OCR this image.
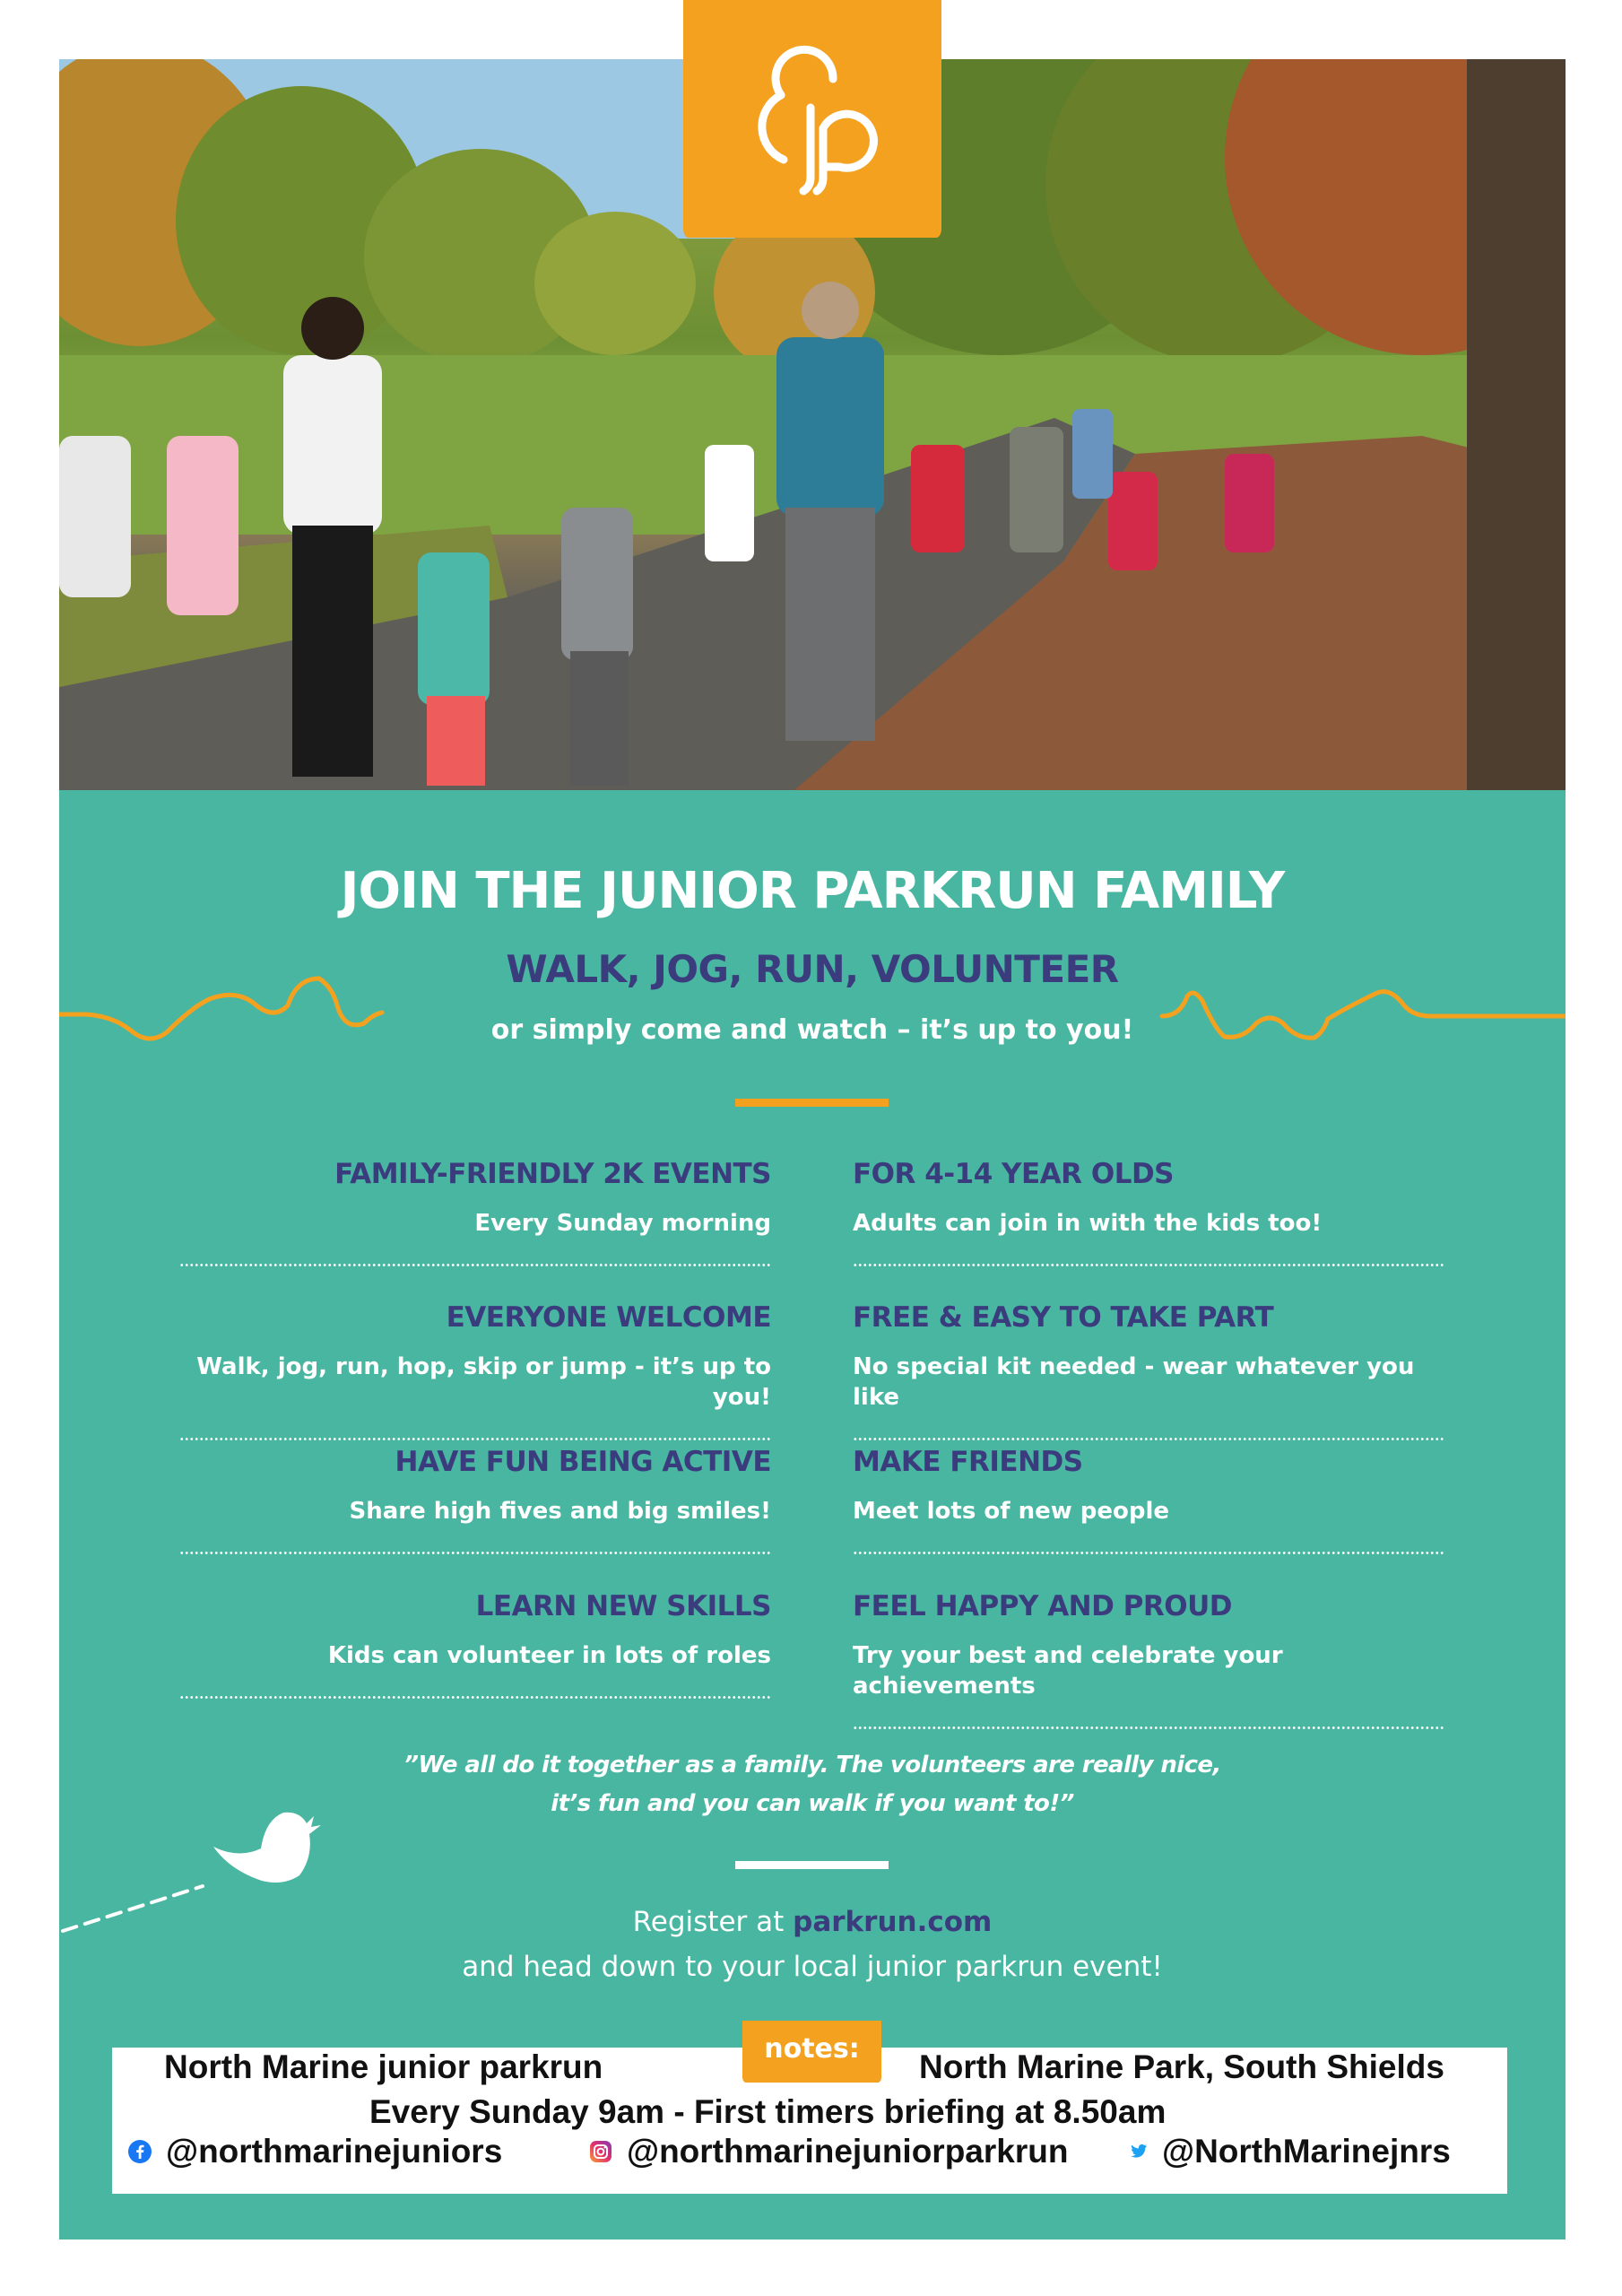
JOIN THE JUNIOR PARKRUN FAMILY
WALK, JOG, RUN, VOLUNTEER
or simply come and watch – it’s up to you!
FAMILY-FRIENDLY 2K EVENTS
Every Sunday morning
EVERYONE WELCOME
Walk, jog, run, hop, skip or jump - it’s up to you!
HAVE FUN BEING ACTIVE
Share high fives and big smiles!
LEARN NEW SKILLS
Kids can volunteer in lots of roles
FOR 4-14 YEAR OLDS
Adults can join in with the kids too!
FREE & EASY TO TAKE PART
No special kit needed - wear whatever you like
MAKE FRIENDS
Meet lots of new people
FEEL HAPPY AND PROUD
Try your best and celebrate your achievements
”We all do it together as a family. The volunteers are really nice,
it’s fun and you can walk if you want to!”
Register at parkrun.com
and head down to your local junior parkrun event!
notes:
North Marine junior parkrun	North Marine Park, South Shields
Every Sunday 9am - First timers briefing at 8.50am
@northmarinejuniors	@northmarinejuniorparkrun	@NorthMarinejnrs
